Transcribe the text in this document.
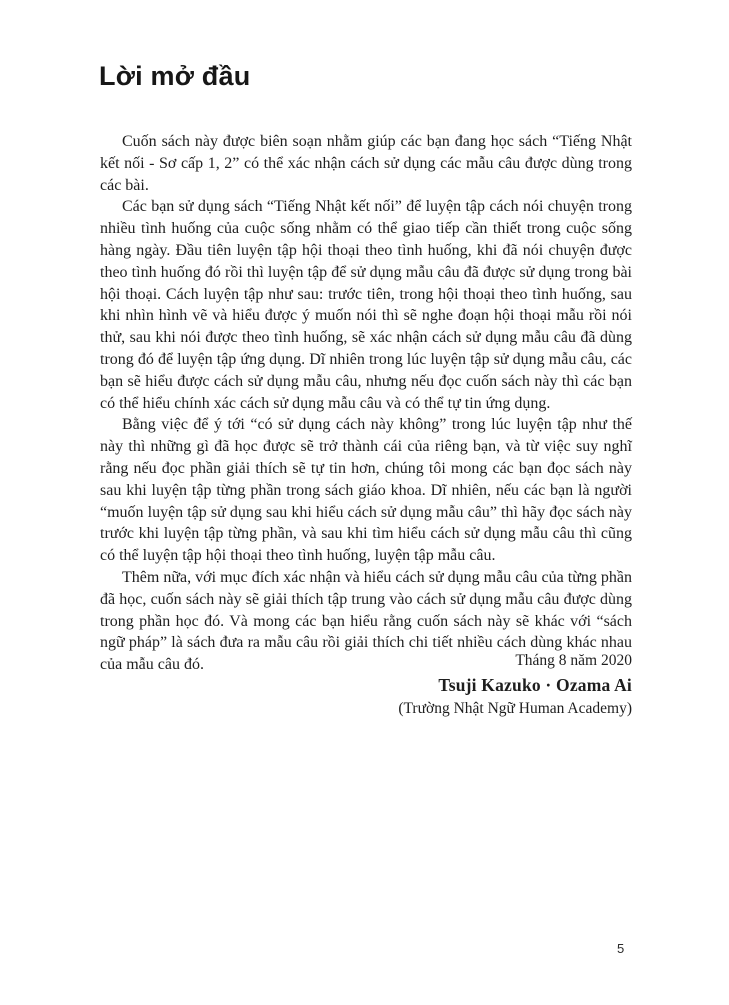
Lời mở đầu

Cuốn sách này được biên soạn nhằm giúp các bạn đang học sách “Tiếng Nhật kết nối - Sơ cấp 1, 2” có thể xác nhận cách sử dụng các mẫu câu được dùng trong các bài.

Các bạn sử dụng sách “Tiếng Nhật kết nối” để luyện tập cách nói chuyện trong nhiều tình huống của cuộc sống nhằm có thể giao tiếp cần thiết trong cuộc sống hàng ngày. Đầu tiên luyện tập hội thoại theo tình huống, khi đã nói chuyện được theo tình huống đó rồi thì luyện tập để sử dụng mẫu câu đã được sử dụng trong bài hội thoại. Cách luyện tập như sau: trước tiên, trong hội thoại theo tình huống, sau khi nhìn hình vẽ và hiểu được ý muốn nói thì sẽ nghe đoạn hội thoại mẫu rồi nói thử, sau khi nói được theo tình huống, sẽ xác nhận cách sử dụng mẫu câu đã dùng trong đó để luyện tập ứng dụng. Dĩ nhiên trong lúc luyện tập sử dụng mẫu câu, các bạn sẽ hiểu được cách sử dụng mẫu câu, nhưng nếu đọc cuốn sách này thì các bạn có thể hiểu chính xác cách sử dụng mẫu câu và có thể tự tin ứng dụng.

Bằng việc để ý tới “có sử dụng cách này không” trong lúc luyện tập như thế này thì những gì đã học được sẽ trở thành cái của riêng bạn, và từ việc suy nghĩ rằng nếu đọc phần giải thích sẽ tự tin hơn, chúng tôi mong các bạn đọc sách này sau khi luyện tập từng phần trong sách giáo khoa. Dĩ nhiên, nếu các bạn là người “muốn luyện tập sử dụng sau khi hiểu cách sử dụng mẫu câu” thì hãy đọc sách này trước khi luyện tập từng phần, và sau khi tìm hiểu cách sử dụng mẫu câu thì cũng có thể luyện tập hội thoại theo tình huống, luyện tập mẫu câu.

Thêm nữa, với mục đích xác nhận và hiểu cách sử dụng mẫu câu của từng phần đã học, cuốn sách này sẽ giải thích tập trung vào cách sử dụng mẫu câu được dùng trong phần học đó. Và mong các bạn hiểu rằng cuốn sách này sẽ khác với “sách ngữ pháp” là sách đưa ra mẫu câu rồi giải thích chi tiết nhiều cách dùng khác nhau của mẫu câu đó.	Tháng 8 năm 2020

Tsuji Kazuko · Ozama Ai

(Trường Nhật Ngữ Human Academy)

5
